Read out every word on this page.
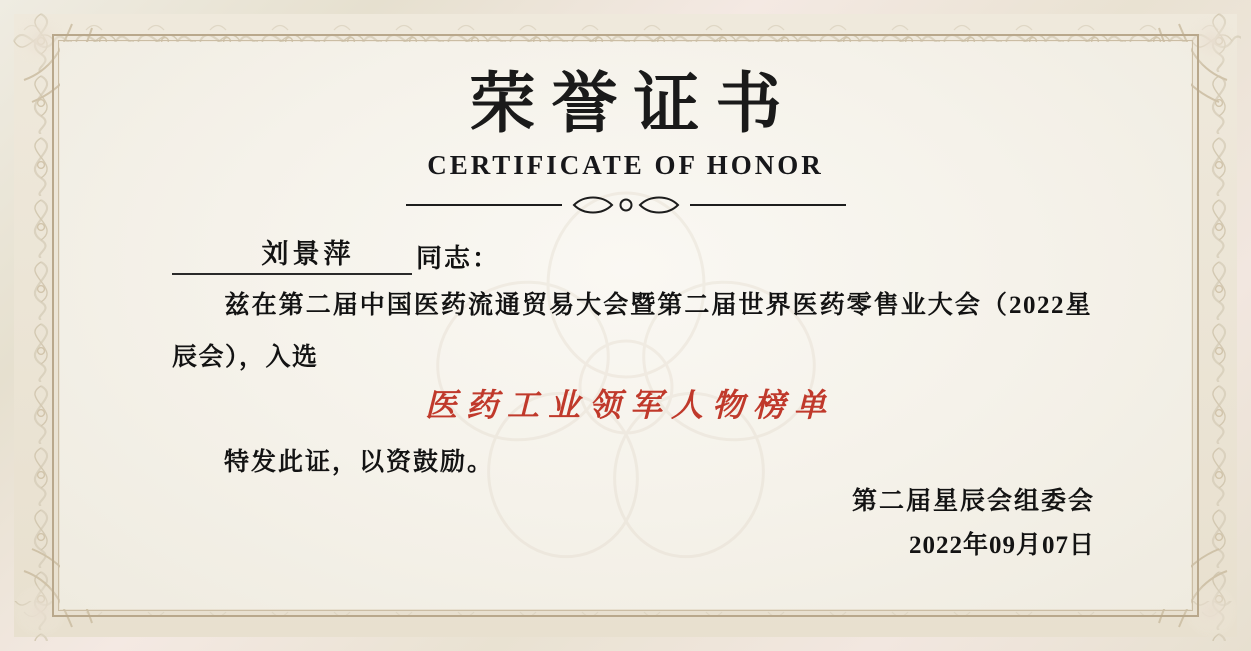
荣誉证书
CERTIFICATE OF HONOR
刘景萍	同志：
兹在第二届中国医药流通贸易大会暨第二届世界医药零售业大会（2022星辰会），入选
医药工业领军人物榜单
特发此证，以资鼓励。
第二届星辰会组委会
2022年09月07日
